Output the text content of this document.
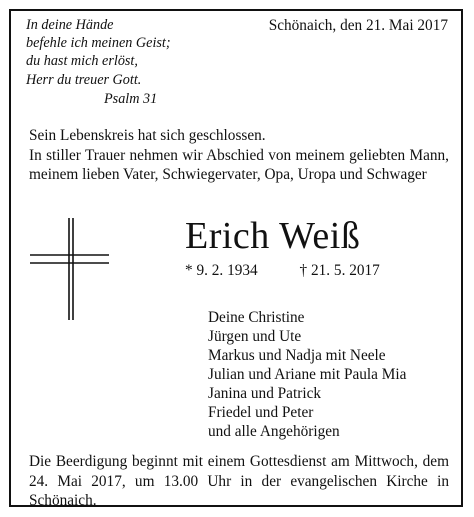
In deine Hände
befehle ich meinen Geist;
du hast mich erlöst,
Herr du treuer Gott.
Psalm 31
Schönaich, den 21. Mai 2017

Sein Lebenskreis hat sich geschlossen.

In stiller Trauer nehmen wir Abschied von meinem geliebten Mann, meinem lieben Vater, Schwiegervater, Opa, Uropa und Schwager

Erich Weiß
* 9. 2. 1934	† 21. 5. 2017
Deine Christine
Jürgen und Ute
Markus und Nadja mit Neele
Julian und Ariane mit Paula Mia
Janina und Patrick
Friedel und Peter
und alle Angehörigen
Die Beerdigung beginnt mit einem Gottesdienst am Mittwoch, dem 24. Mai 2017, um 13.00 Uhr in der evangelischen Kirche in Schönaich.
